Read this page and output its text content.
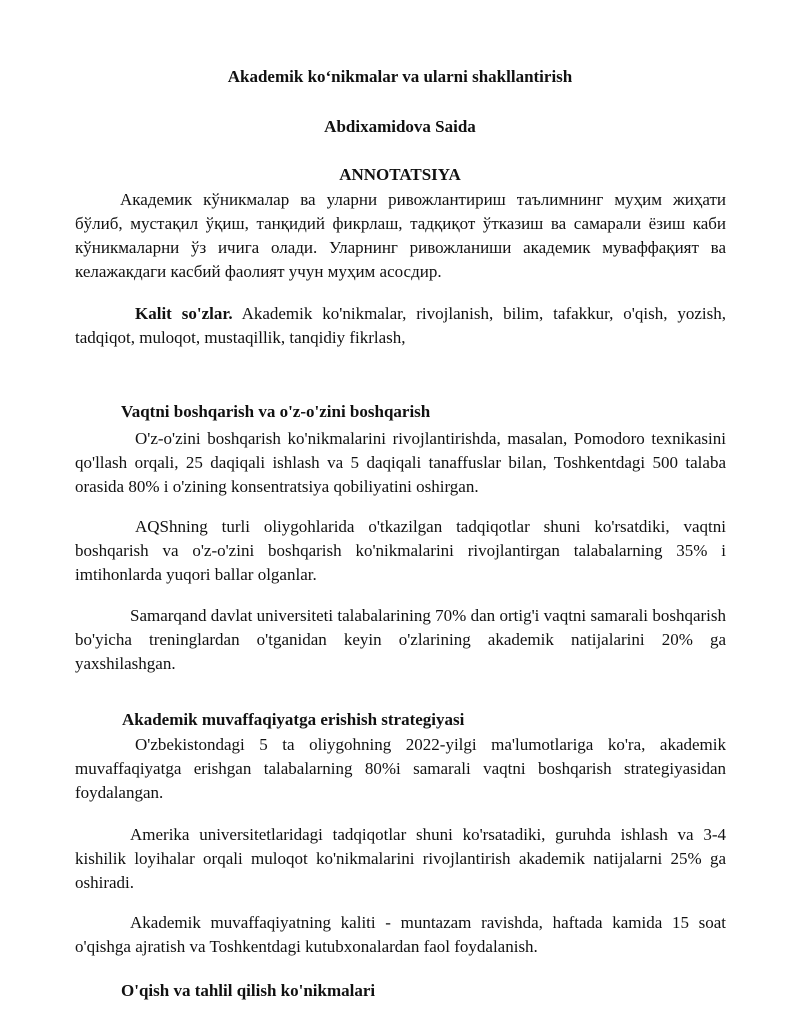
Akademik ko‘nikmalar va ularni shakllantirish
Abdixamidova Saida
ANNOTATSIYA

Академик кўникмалар ва уларни ривожлантириш таълимнинг муҳим жиҳати бўлиб, мустақил ўқиш, танқидий фикрлаш, тадқиқот ўтказиш ва самарали ёзиш каби кўникмаларни ўз ичига олади. Уларнинг ривожланиши академик муваффақият ва келажакдаги касбий фаолият учун муҳим асосдир.

Kalit so'zlar. Akademik ko'nikmalar, rivojlanish, bilim, tafakkur, o'qish, yozish, tadqiqot, muloqot, mustaqillik, tanqidiy fikrlash,

Vaqtni boshqarish va o'z-o'zini boshqarish

O'z-o'zini boshqarish ko'nikmalarini rivojlantirishda, masalan, Pomodoro texnikasini qo'llash orqali, 25 daqiqali ishlash va 5 daqiqali tanaffuslar bilan, Toshkentdagi 500 talaba orasida 80% i o'zining konsentratsiya qobiliyatini oshirgan.

AQShning turli oliygohlarida o'tkazilgan tadqiqotlar shuni ko'rsatdiki, vaqtni boshqarish va o'z-o'zini boshqarish ko'nikmalarini rivojlantirgan talabalarning 35% i imtihonlarda yuqori ballar olganlar.

Samarqand davlat universiteti talabalarining 70% dan ortig'i vaqtni samarali boshqarish bo'yicha treninglardan o'tganidan keyin o'zlarining akademik natijalarini 20% ga yaxshilashgan.

Akademik muvaffaqiyatga erishish strategiyasi

O'zbekistondagi 5 ta oliygohning 2022-yilgi ma'lumotlariga ko'ra, akademik muvaffaqiyatga erishgan talabalarning 80%i samarali vaqtni boshqarish strategiyasidan foydalangan.

Amerika universitetlaridagi tadqiqotlar shuni ko'rsatadiki, guruhda ishlash va 3-4 kishilik loyihalar orqali muloqot ko'nikmalarini rivojlantirish akademik natijalarni 25% ga oshiradi.

Akademik muvaffaqiyatning kaliti - muntazam ravishda, haftada kamida 15 soat o'qishga ajratish va Toshkentdagi kutubxonalardan faol foydalanish.

O'qish va tahlil qilish ko'nikmalari
